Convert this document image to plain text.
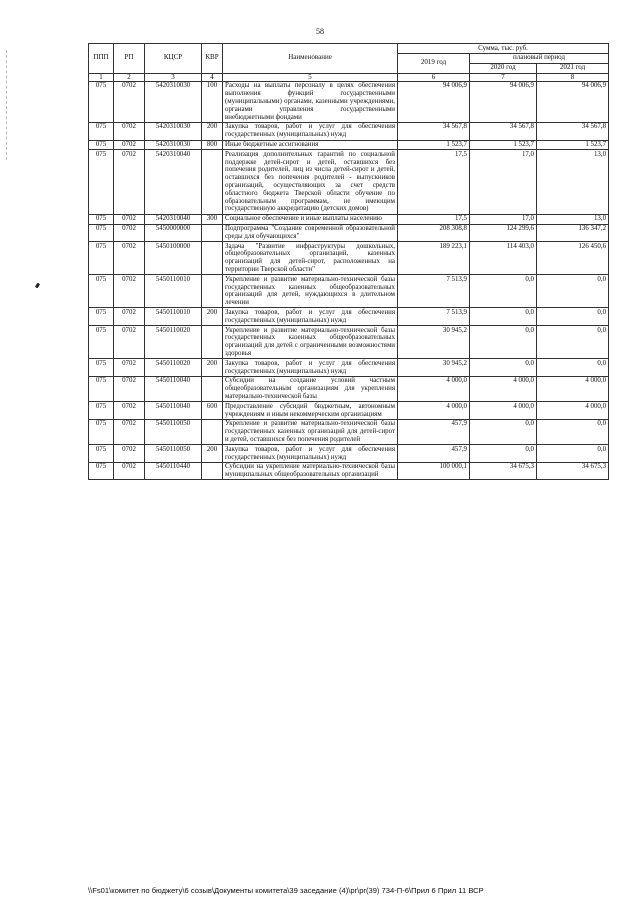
58
ППП	РП	КЦСР	КВР	Наименование	Сумма, тыс. руб.		
					2019 год	плановый период	
						2020 год	2021 год
1	2	3	4	5	6	7	8
075	0702	5420310030	100	Расходы на выплаты персоналу в целях обеспечения выполнения функций государственными (муниципальными) органами, казенными учреждениями, органами управления государственными внебюджетными фондами	94 006,9	94 006,9	94 006,9
075	0702	5420310030	200	Закупка товаров, работ и услуг для обеспечения государственных (муниципальных) нужд	34 567,8	34 567,8	34 567,8
075	0702	5420310030	800	Иные бюджетные ассигнования	1 523,7	1 523,7	1 523,7
075	0702	5420310040		Реализация дополнительных гарантий по социальной поддержке детей-сирот и детей, оставшихся без попечения родителей, лиц из числа детей-сирот и детей, оставшихся без попечения родителей - выпускников организаций, осуществляющих за счет средств областного бюджета Тверской области обучение по образовательным программам, не имеющим государственную аккредитацию (детских домов)	17,5	17,0	13,0
075	0702	5420310040	300	Социальное обеспечение и иные выплаты населению	17,5	17,0	13,0
075	0702	5450000000		Подпрограмма "Создание современной образовательной среды для обучающихся"	208 308,8	124 299,6	136 347,2
075	0702	5450100000		Задача "Развитие инфраструктуры дошкольных, общеобразовательных организаций, казенных организаций для детей-сирот, расположенных на территории Тверской области"	189 223,1	114 403,0	126 450,6
075	0702	5450110010		Укрепление и развитие материально-технической базы государственных казенных общеобразовательных организаций для детей, нуждающихся в длительном лечении	7 513,9	0,0	0,0
075	0702	5450110010	200	Закупка товаров, работ и услуг для обеспечения государственных (муниципальных) нужд	7 513,9	0,0	0,0
075	0702	5450110020		Укрепление и развитие материально-технической базы государственных казенных общеобразовательных организаций для детей с ограниченными возможностями здоровья	30 945,2	0,0	0,0
075	0702	5450110020	200	Закупка товаров, работ и услуг для обеспечения государственных (муниципальных) нужд	30 945,2	0,0	0,0
075	0702	5450110040		Субсидии на создание условий частным общеобразовательным организациям для укрепления материально-технической базы	4 000,0	4 000,0	4 000,0
075	0702	5450110040	600	Предоставление субсидий бюджетным, автономным учреждениям и иным некоммерческим организациям	4 000,0	4 000,0	4 000,0
075	0702	5450110050		Укрепление и развитие материально-технической базы государственных казенных организаций для детей-сирот и детей, оставшихся без попечения родителей	457,9	0,0	0,0
075	0702	5450110050	200	Закупка товаров, работ и услуг для обеспечения государственных (муниципальных) нужд	457,9	0,0	0,0
075	0702	5450110440		Субсидии на укрепление материально-технической базы муниципальных общеобразовательных организаций	100 000,1	34 675,3	34 675,3
\\Fs01\комитет по бюджету\6 созыв\Документы комитета\39 заседание (4)\pr\pr(39) 734-П-6\Прил 6 Прил 11 ВСР
